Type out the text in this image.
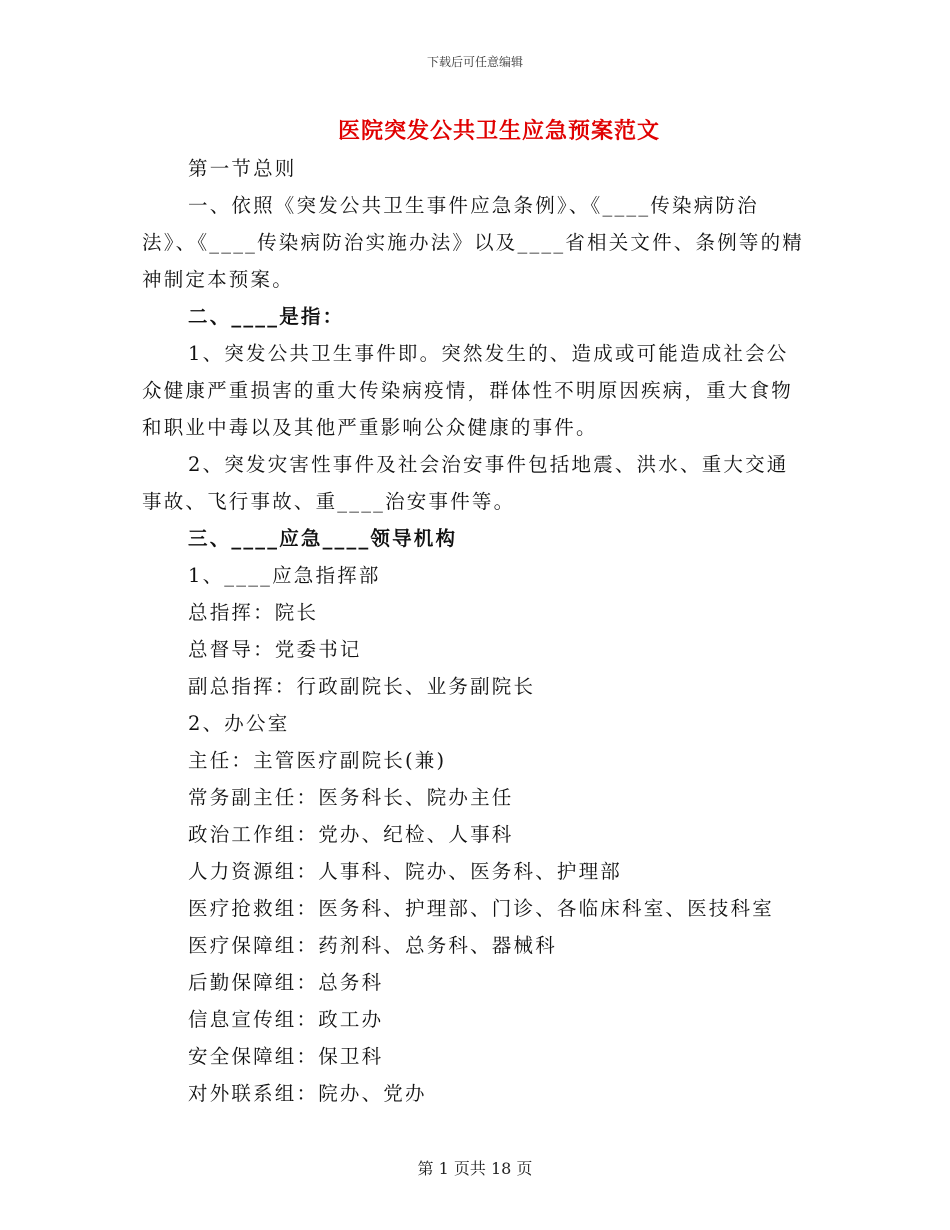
下载后可任意编辑
医院突发公共卫生应急预案范文

第一节总则

一、依照《突发公共卫生事件应急条例》、《____传染病防治法》、《____传染病防治实施办法》以及____省相关文件、条例等的精神制定本预案。

二、____是指：

1、突发公共卫生事件即。突然发生的、造成或可能造成社会公众健康严重损害的重大传染病疫情，群体性不明原因疾病，重大食物和职业中毒以及其他严重影响公众健康的事件。

2、突发灾害性事件及社会治安事件包括地震、洪水、重大交通事故、飞行事故、重____治安事件等。

三、____应急____领导机构

1、____应急指挥部

总指挥：院长

总督导：党委书记

副总指挥：行政副院长、业务副院长

2、办公室

主任：主管医疗副院长(兼)

常务副主任：医务科长、院办主任

政治工作组：党办、纪检、人事科

人力资源组：人事科、院办、医务科、护理部

医疗抢救组：医务科、护理部、门诊、各临床科室、医技科室

医疗保障组：药剂科、总务科、器械科

后勤保障组：总务科

信息宣传组：政工办

安全保障组：保卫科

对外联系组：院办、党办

第 1 页共 18 页
